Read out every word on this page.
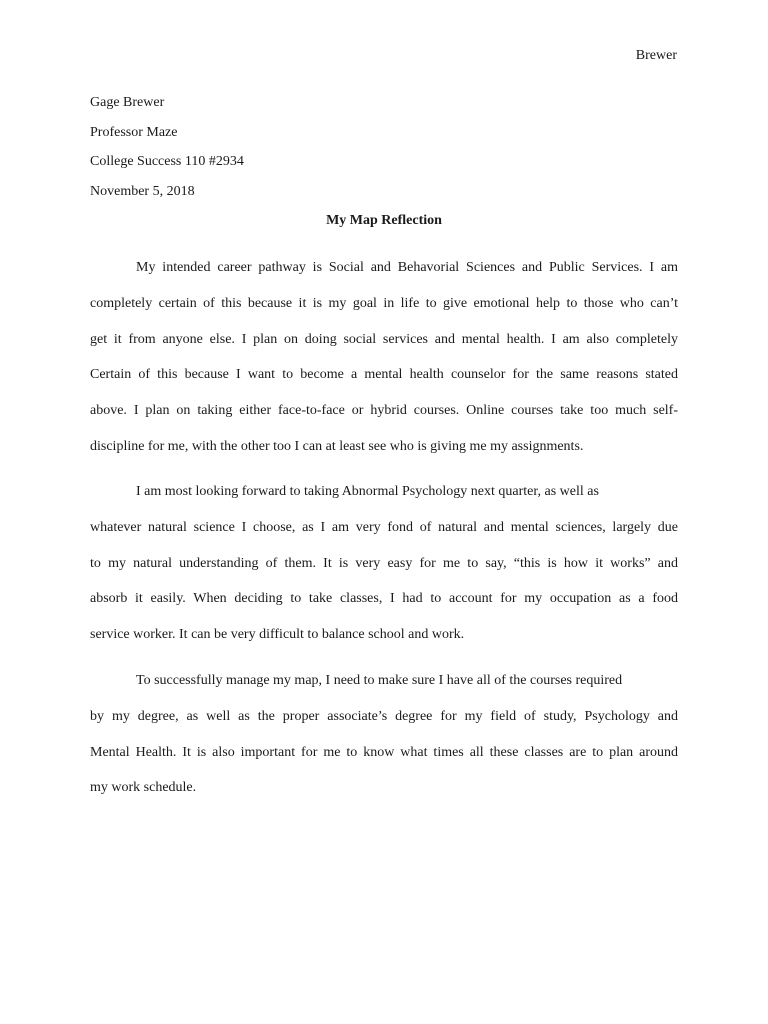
Brewer
Gage Brewer
Professor Maze
College Success 110 #2934
November 5, 2018
My Map Reflection
My intended career pathway is Social and Behavorial Sciences and Public Services. I am
completely certain of this because it is my goal in life to give emotional help to those who can’t
get it from anyone else. I plan on doing social services and mental health. I am also completely
Certain of this because I want to become a mental health counselor for the same reasons stated
above. I plan on taking either face-to-face or hybrid courses. Online courses take too much self-
discipline for me, with the other too I can at least see who is giving me my assignments.
I am most looking forward to taking Abnormal Psychology next quarter, as well as
whatever natural science I choose, as I am very fond of natural and mental sciences, largely due
to my natural understanding of them. It is very easy for me to say, “this is how it works” and
absorb it easily. When deciding to take classes, I had to account for my occupation as a food
service worker. It can be very difficult to balance school and work.
To successfully manage my map, I need to make sure I have all of the courses required
by my degree, as well as the proper associate’s degree for my field of study, Psychology and
Mental Health. It is also important for me to know what times all these classes are to plan around
my work schedule.
